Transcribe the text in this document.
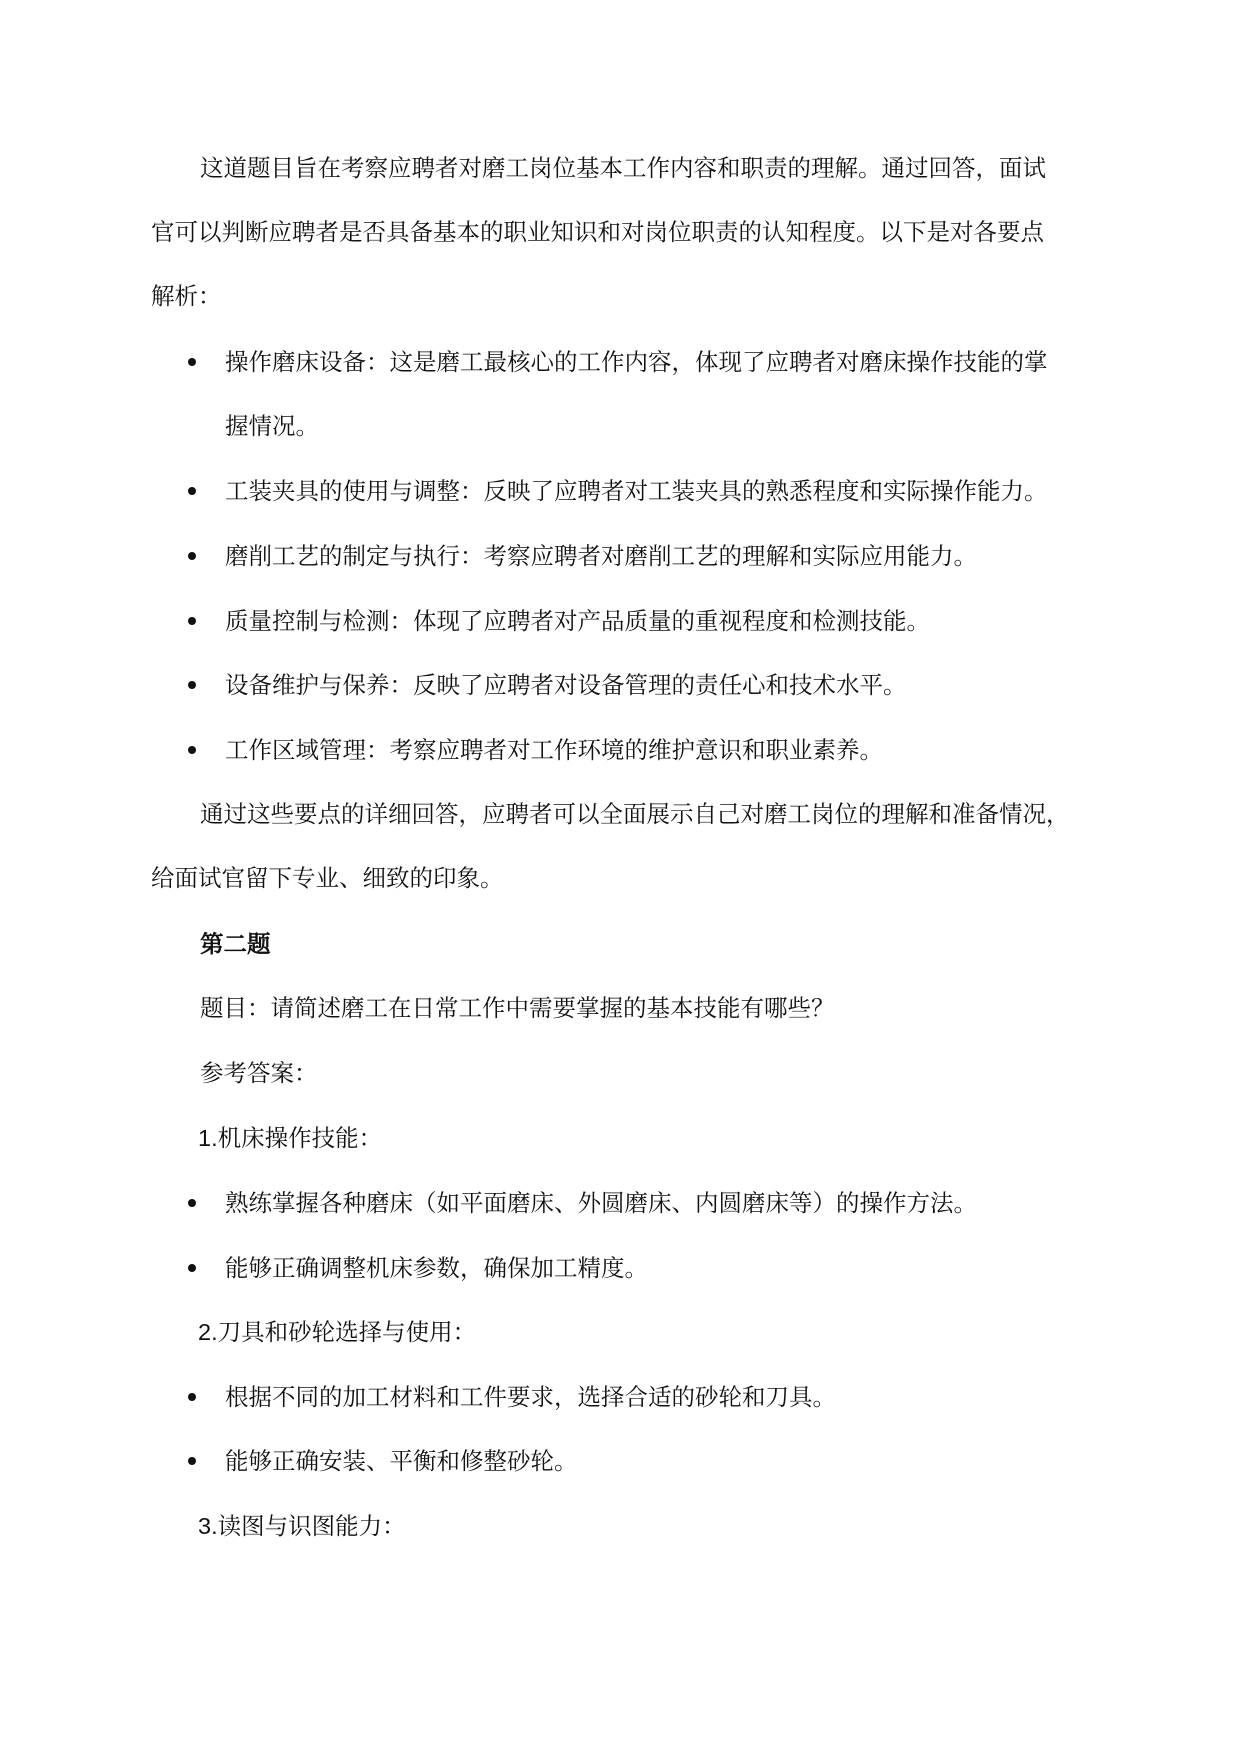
这道题目旨在考察应聘者对磨工岗位基本工作内容和职责的理解。通过回答，面试
官可以判断应聘者是否具备基本的职业知识和对岗位职责的认知程度。以下是对各要点
解析：
操作磨床设备：这是磨工最核心的工作内容，体现了应聘者对磨床操作技能的掌
握情况。
工装夹具的使用与调整：反映了应聘者对工装夹具的熟悉程度和实际操作能力。
磨削工艺的制定与执行：考察应聘者对磨削工艺的理解和实际应用能力。
质量控制与检测：体现了应聘者对产品质量的重视程度和检测技能。
设备维护与保养：反映了应聘者对设备管理的责任心和技术水平。
工作区域管理：考察应聘者对工作环境的维护意识和职业素养。
通过这些要点的详细回答，应聘者可以全面展示自己对磨工岗位的理解和准备情况，
给面试官留下专业、细致的印象。
第二题
题目：请简述磨工在日常工作中需要掌握的基本技能有哪些？
参考答案：
1.机床操作技能：
熟练掌握各种磨床（如平面磨床、外圆磨床、内圆磨床等）的操作方法。
能够正确调整机床参数，确保加工精度。
2.刀具和砂轮选择与使用：
根据不同的加工材料和工件要求，选择合适的砂轮和刀具。
能够正确安装、平衡和修整砂轮。
3.读图与识图能力：
